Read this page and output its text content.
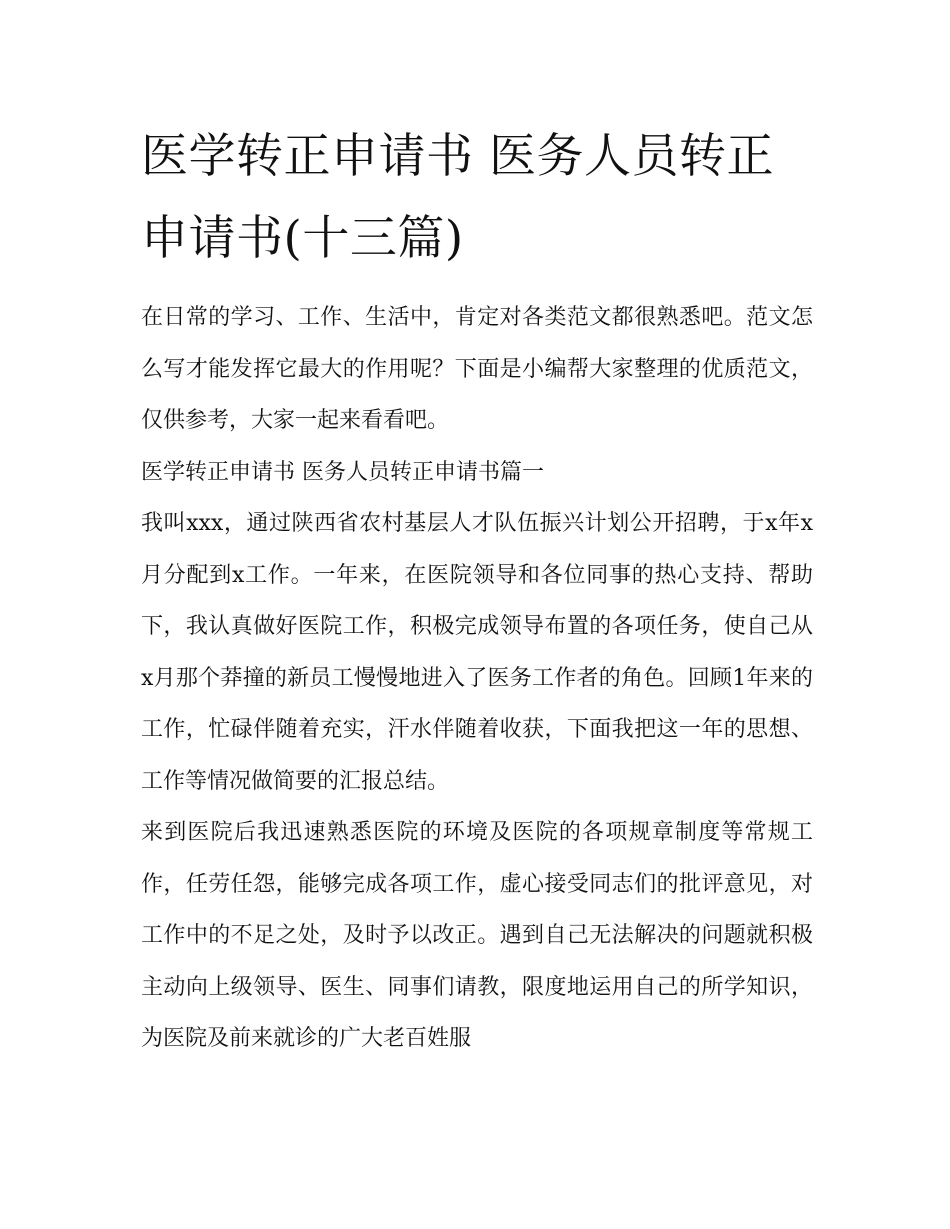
医学转正申请书 医务人员转正申请书(十三篇)

在日常的学习、工作、生活中，肯定对各类范文都很熟悉吧。范文怎么写才能发挥它最大的作用呢？下面是小编帮大家整理的优质范文，仅供参考，大家一起来看看吧。

医学转正申请书 医务人员转正申请书篇一

我叫xxx，通过陕西省农村基层人才队伍振兴计划公开招聘，于x年x月分配到x工作。一年来，在医院领导和各位同事的热心支持、帮助下，我认真做好医院工作，积极完成领导布置的各项任务，使自己从x月那个莽撞的新员工慢慢地进入了医务工作者的角色。回顾1年来的工作，忙碌伴随着充实，汗水伴随着收获，下面我把这一年的思想、工作等情况做简要的汇报总结。

来到医院后我迅速熟悉医院的环境及医院的各项规章制度等常规工作，任劳任怨，能够完成各项工作，虚心接受同志们的批评意见，对工作中的不足之处，及时予以改正。遇到自己无法解决的问题就积极主动向上级领导、医生、同事们请教，限度地运用自己的所学知识，为医院及前来就诊的广大老百姓服
